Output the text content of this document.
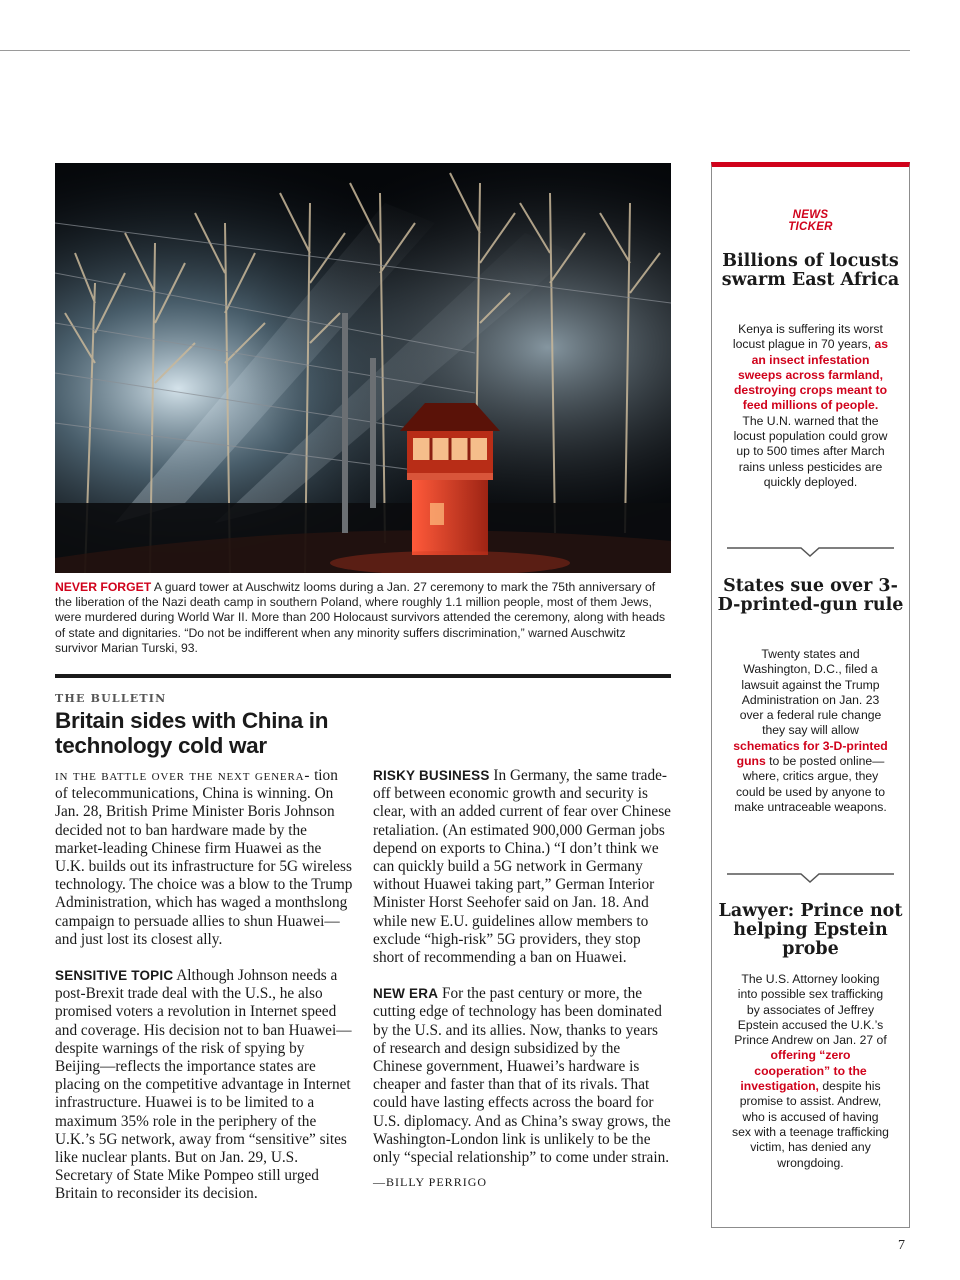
NEVER FORGET A guard tower at Auschwitz looms during a Jan. 27 ceremony to mark the 75th anniversary of the liberation of the Nazi death camp in southern Poland, where roughly 1.1 million people, most of them Jews, were murdered during World War II. More than 200 Holocaust survivors attended the ceremony, along with heads of state and dignitaries. “Do not be indifferent when any minority suffers discrimination,” warned Auschwitz survivor Marian Turski, 93.
THE BULLETIN
Britain sides with China in technology cold war

in the battle over the next genera- tion of telecommunications, China is winning. On Jan. 28, British Prime Minister Boris Johnson decided not to ban hardware made by the market-leading Chinese firm Huawei as the U.K. builds out its infrastructure for 5G wireless technology. The choice was a blow to the Trump Administration, which has waged a monthslong campaign to persuade allies to shun Huawei—and just lost its closest ally.

SENSITIVE TOPIC Although Johnson needs a post-Brexit trade deal with the U.S., he also promised voters a revolution in Internet speed and coverage. His decision not to ban Huawei—despite warnings of the risk of spying by Beijing—reflects the importance states are placing on the competitive advantage in Internet infrastructure. Huawei is to be limited to a maximum 35% role in the periphery of the U.K.’s 5G network, away from “sensitive” sites like nuclear plants. But on Jan. 29, U.S. Secretary of State Mike Pompeo still urged Britain to reconsider its decision.

RISKY BUSINESS In Germany, the same trade-off between economic growth and security is clear, with an added current of fear over Chinese retaliation. (An estimated 900,000 German jobs depend on exports to China.) “I don’t think we can quickly build a 5G network in Germany without Huawei taking part,” German Interior Minister Horst Seehofer said on Jan. 18. And while new E.U. guidelines allow members to exclude “high-risk” 5G providers, they stop short of recommending a ban on Huawei.

NEW ERA For the past century or more, the cutting edge of technology has been dominated by the U.S. and its allies. Now, thanks to years of research and design subsidized by the Chinese government, Huawei’s hardware is cheaper and faster than that of its rivals. That could have lasting effects across the board for U.S. diplomacy. And as China’s sway grows, the Washington-London link is unlikely to be the only “special relationship” to come under strain.

—BILLY PERRIGO

NEWS
TICKER
Billions of locusts swarm East Africa
Kenya is suffering its worst locust plague in 70 years, as an insect infestation sweeps across farmland, destroying crops meant to feed millions of people. The U.N. warned that the locust population could grow up to 500 times after March rains unless pesticides are quickly deployed.
States sue over 3-D-printed-gun rule
Twenty states and Washington, D.C., filed a lawsuit against the Trump Administration on Jan. 23 over a federal rule change they say will allow schematics for 3-D-printed guns to be posted online—where, critics argue, they could be used by anyone to make untraceable weapons.
Lawyer: Prince not helping Epstein probe
The U.S. Attorney looking into possible sex trafficking by associates of Jeffrey Epstein accused the U.K.’s Prince Andrew on Jan. 27 of offering “zero cooperation” to the investigation, despite his promise to assist. Andrew, who is accused of having sex with a teenage trafficking victim, has denied any wrongdoing.
7
